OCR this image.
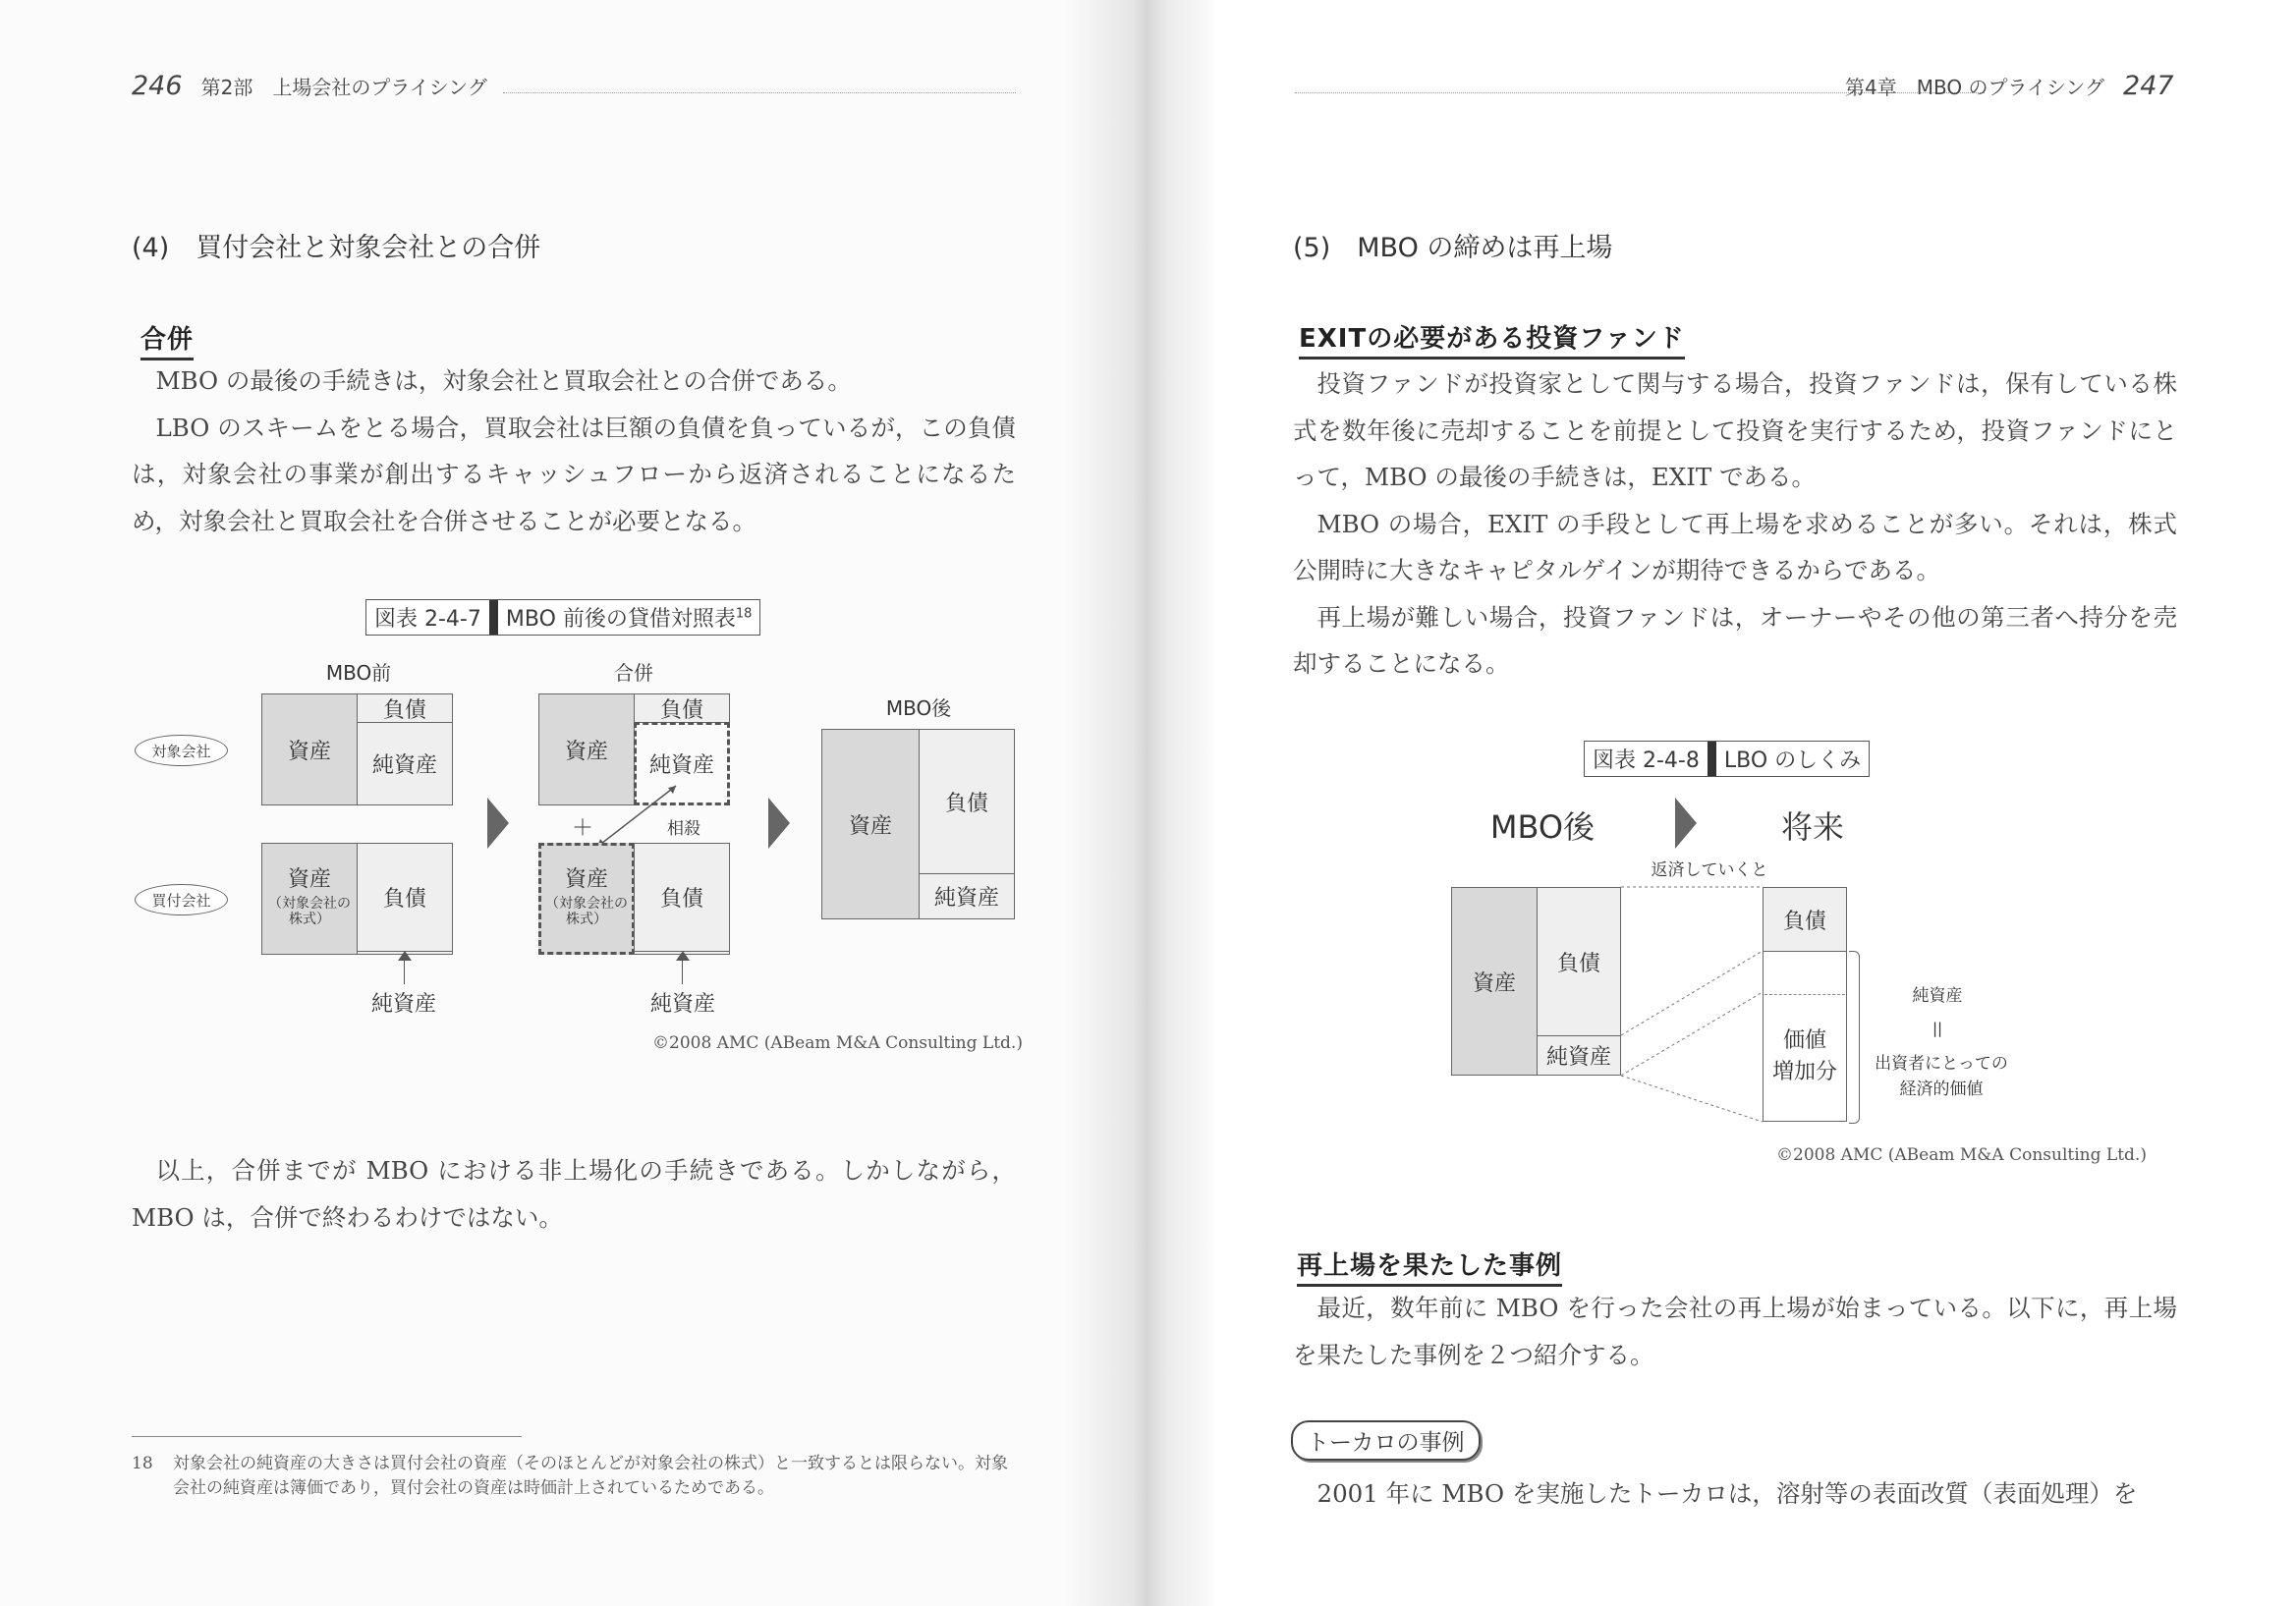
246 第2部　上場会社のプライシング
(4)　買付会社と対象会社との合併
合併

MBO の最後の手続きは，対象会社と買取会社との合併である。

LBO のスキームをとる場合，買取会社は巨額の負債を負っているが，この負債は，対象会社の事業が創出するキャッシュフローから返済されることになるため，対象会社と買取会社を合併させることが必要となる。

図表 2-4-7	MBO 前後の貸借対照表$^{18}$
MBO前	合併
MBO後
対象会社
買付会社
資産
負債
純資産
資産
（対象会社の株式）
負債
純資産
資産
負債
純資産
＋	相殺
資産
（対象会社の株式）
負債
純資産
資産
負債
純資産
©2008 AMC (ABeam M&A Consulting Ltd.)

以上，合併までが MBO における非上場化の手続きである。しかしながら，MBO は，合併で終わるわけではない。

18	対象会社の純資産の大きさは買付会社の資産（そのほとんどが対象会社の株式）と一致するとは限らない。対象会社の純資産は簿価であり，買付会社の資産は時価計上されているためである。
第4章　MBO のプライシング 247
(5)　MBO の締めは再上場
EXITの必要がある投資ファンド

投資ファンドが投資家として関与する場合，投資ファンドは，保有している株式を数年後に売却することを前提として投資を実行するため，投資ファンドにとって，MBO の最後の手続きは，EXIT である。

MBO の場合，EXIT の手段として再上場を求めることが多い。それは，株式公開時に大きなキャピタルゲインが期待できるからである。

再上場が難しい場合，投資ファンドは，オーナーやその他の第三者へ持分を売却することになる。

図表 2-4-8	LBO のしくみ
MBO後	将来
返済していくと
資産
負債
純資産
負債
価値
増加分
純資産
||
出資者にとっての
経済的価値
©2008 AMC (ABeam M&A Consulting Ltd.)
再上場を果たした事例

最近，数年前に MBO を行った会社の再上場が始まっている。以下に，再上場を果たした事例を２つ紹介する。

トーカロの事例

2001 年に MBO を実施したトーカロは，溶射等の表面改質（表面処理）を
